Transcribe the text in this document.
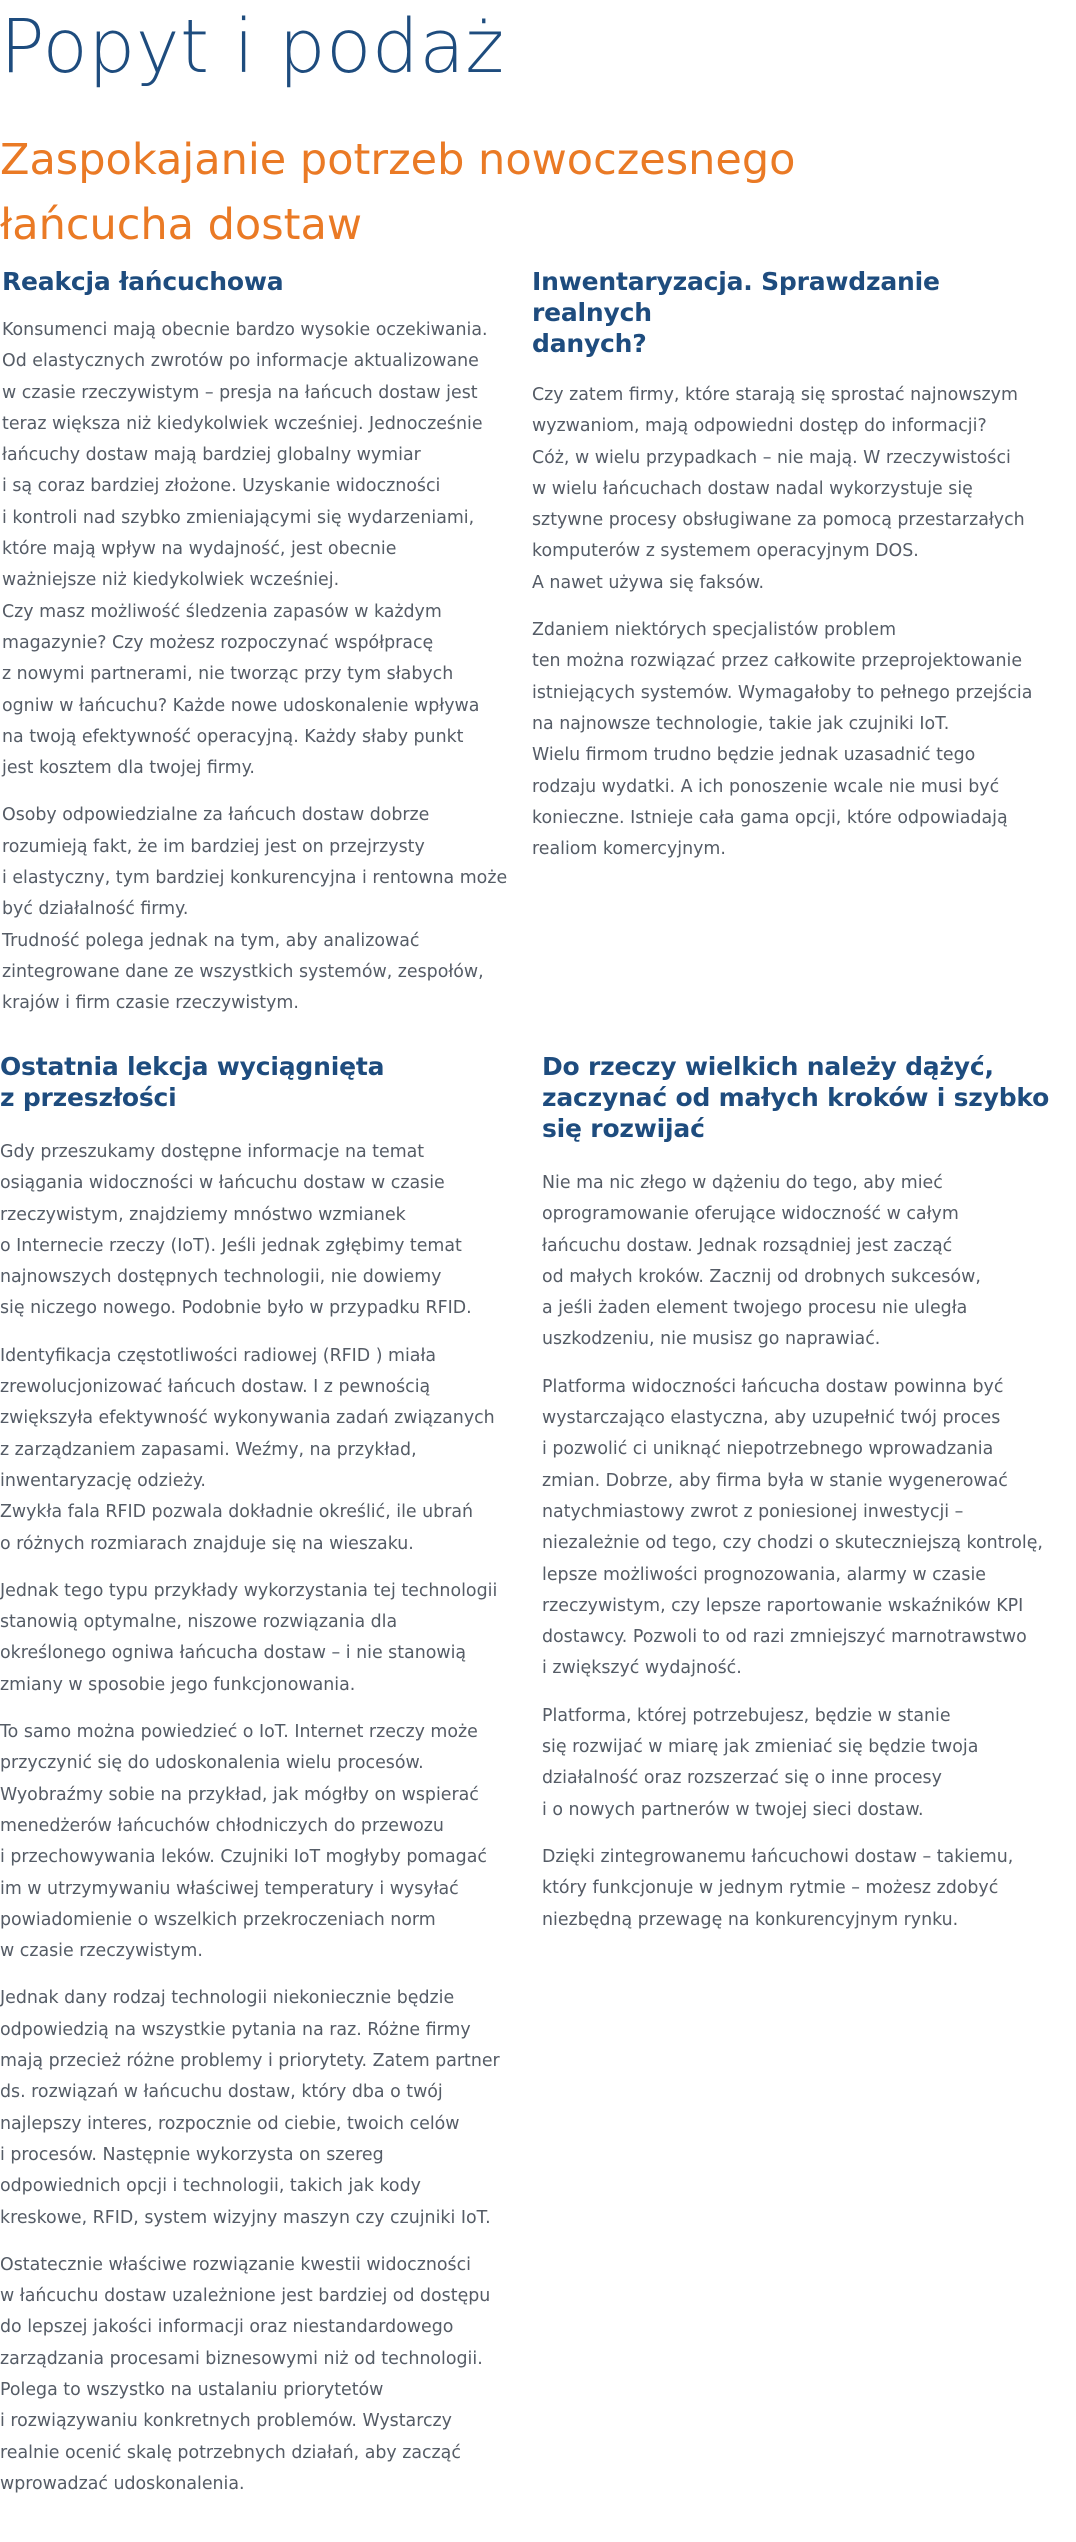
Popyt i podaż
Zaspokajanie potrzeb nowoczesnego
łańcucha dostaw
Reakcja łańcuchowa

Konsumenci mają obecnie bardzo wysokie oczekiwania.
Od elastycznych zwrotów po informacje aktualizowane
w czasie rzeczywistym – presja na łańcuch dostaw jest
teraz większa niż kiedykolwiek wcześniej. Jednocześnie
łańcuchy dostaw mają bardziej globalny wymiar
i są coraz bardziej złożone. Uzyskanie widoczności
i kontroli nad szybko zmieniającymi się wydarzeniami,
które mają wpływ na wydajność, jest obecnie
ważniejsze niż kiedykolwiek wcześniej.
Czy masz możliwość śledzenia zapasów w każdym
magazynie? Czy możesz rozpoczynać współpracę
z nowymi partnerami, nie tworząc przy tym słabych
ogniw w łańcuchu? Każde nowe udoskonalenie wpływa
na twoją efektywność operacyjną. Każdy słaby punkt
jest kosztem dla twojej firmy.

Osoby odpowiedzialne za łańcuch dostaw dobrze
rozumieją fakt, że im bardziej jest on przejrzysty
i elastyczny, tym bardziej konkurencyjna i rentowna może
być działalność firmy.
Trudność polega jednak na tym, aby analizować
zintegrowane dane ze wszystkich systemów, zespołów,
krajów i firm czasie rzeczywistym.

Inwentaryzacja. Sprawdzanie realnych
danych?

Czy zatem firmy, które starają się sprostać najnowszym
wyzwaniom, mają odpowiedni dostęp do informacji?
Cóż, w wielu przypadkach – nie mają. W rzeczywistości
w wielu łańcuchach dostaw nadal wykorzystuje się
sztywne procesy obsługiwane za pomocą przestarzałych
komputerów z systemem operacyjnym DOS.
A nawet używa się faksów.

Zdaniem niektórych specjalistów problem
ten można rozwiązać przez całkowite przeprojektowanie
istniejących systemów. Wymagałoby to pełnego przejścia
na najnowsze technologie, takie jak czujniki IoT.
Wielu firmom trudno będzie jednak uzasadnić tego
rodzaju wydatki. A ich ponoszenie wcale nie musi być
konieczne. Istnieje cała gama opcji, które odpowiadają
realiom komercyjnym.

Ostatnia lekcja wyciągnięta
z przeszłości

Gdy przeszukamy dostępne informacje na temat
osiągania widoczności w łańcuchu dostaw w czasie
rzeczywistym, znajdziemy mnóstwo wzmianek
o Internecie rzeczy (IoT). Jeśli jednak zgłębimy temat
najnowszych dostępnych technologii, nie dowiemy
się niczego nowego. Podobnie było w przypadku RFID.

Identyfikacja częstotliwości radiowej (RFID ) miała
zrewolucjonizować łańcuch dostaw. I z pewnością
zwiększyła efektywność wykonywania zadań związanych
z zarządzaniem zapasami. Weźmy, na przykład,
inwentaryzację odzieży.
Zwykła fala RFID pozwala dokładnie określić, ile ubrań
o różnych rozmiarach znajduje się na wieszaku.

Jednak tego typu przykłady wykorzystania tej technologii
stanowią optymalne, niszowe rozwiązania dla
określonego ogniwa łańcucha dostaw – i nie stanowią
zmiany w sposobie jego funkcjonowania.

To samo można powiedzieć o IoT. Internet rzeczy może
przyczynić się do udoskonalenia wielu procesów.
Wyobraźmy sobie na przykład, jak mógłby on wspierać
menedżerów łańcuchów chłodniczych do przewozu
i przechowywania leków. Czujniki IoT mogłyby pomagać
im w utrzymywaniu właściwej temperatury i wysyłać
powiadomienie o wszelkich przekroczeniach norm
w czasie rzeczywistym.

Jednak dany rodzaj technologii niekoniecznie będzie
odpowiedzią na wszystkie pytania na raz. Różne firmy
mają przecież różne problemy i priorytety. Zatem partner
ds. rozwiązań w łańcuchu dostaw, który dba o twój
najlepszy interes, rozpocznie od ciebie, twoich celów
i procesów. Następnie wykorzysta on szereg
odpowiednich opcji i technologii, takich jak kody
kreskowe, RFID, system wizyjny maszyn czy czujniki IoT.

Ostatecznie właściwe rozwiązanie kwestii widoczności
w łańcuchu dostaw uzależnione jest bardziej od dostępu
do lepszej jakości informacji oraz niestandardowego
zarządzania procesami biznesowymi niż od technologii.
Polega to wszystko na ustalaniu priorytetów
i rozwiązywaniu konkretnych problemów. Wystarczy
realnie ocenić skalę potrzebnych działań, aby zacząć
wprowadzać udoskonalenia.

Do rzeczy wielkich należy dążyć,
zaczynać od małych kroków i szybko
się rozwijać

Nie ma nic złego w dążeniu do tego, aby mieć
oprogramowanie oferujące widoczność w całym
łańcuchu dostaw. Jednak rozsądniej jest zacząć
od małych kroków. Zacznij od drobnych sukcesów,
a jeśli żaden element twojego procesu nie uległa
uszkodzeniu, nie musisz go naprawiać.

Platforma widoczności łańcucha dostaw powinna być
wystarczająco elastyczna, aby uzupełnić twój proces
i pozwolić ci uniknąć niepotrzebnego wprowadzania
zmian. Dobrze, aby firma była w stanie wygenerować
natychmiastowy zwrot z poniesionej inwestycji –
niezależnie od tego, czy chodzi o skuteczniejszą kontrolę,
lepsze możliwości prognozowania, alarmy w czasie
rzeczywistym, czy lepsze raportowanie wskaźników KPI
dostawcy. Pozwoli to od razi zmniejszyć marnotrawstwo
i zwiększyć wydajność.

Platforma, której potrzebujesz, będzie w stanie
się rozwijać w miarę jak zmieniać się będzie twoja
działalność oraz rozszerzać się o inne procesy
i o nowych partnerów w twojej sieci dostaw.

Dzięki zintegrowanemu łańcuchowi dostaw – takiemu,
który funkcjonuje w jednym rytmie – możesz zdobyć
niezbędną przewagę na konkurencyjnym rynku.
